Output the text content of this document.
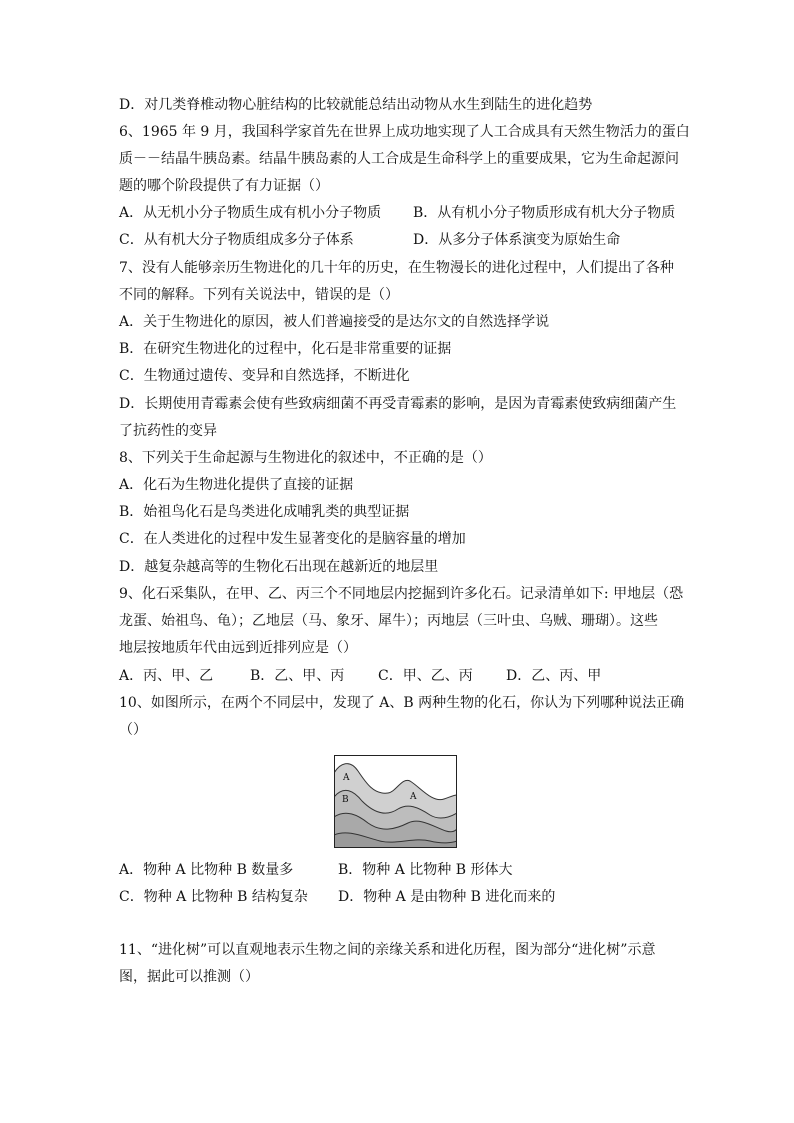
D．对几类脊椎动物心脏结构的比较就能总结出动物从水生到陆生的进化趋势
6、1965 年 9 月，我国科学家首先在世界上成功地实现了人工合成具有天然生物活力的蛋白
质－－结晶牛胰岛素。结晶牛胰岛素的人工合成是生命科学上的重要成果，它为生命起源问
题的哪个阶段提供了有力证据（）
A．从无机小分子物质生成有机小分子物质 B．从有机小分子物质形成有机大分子物质
C．从有机大分子物质组成多分子体系	D．从多分子体系演变为原始生命
7、没有人能够亲历生物进化的几十年的历史，在生物漫长的进化过程中，人们提出了各种
不同的解释。下列有关说法中，错误的是（）
A．关于生物进化的原因，被人们普遍接受的是达尔文的自然选择学说
B．在研究生物进化的过程中，化石是非常重要的证据
C．生物通过遗传、变异和自然选择，不断进化
D．长期使用青霉素会使有些致病细菌不再受青霉素的影响，是因为青霉素使致病细菌产生
了抗药性的变异
8、下列关于生命起源与生物进化的叙述中，不正确的是（）
A．化石为生物进化提供了直接的证据
B．始祖鸟化石是鸟类进化成哺乳类的典型证据
C．在人类进化的过程中发生显著变化的是脑容量的增加
D．越复杂越高等的生物化石出现在越新近的地层里
9、化石采集队，在甲、乙、丙三个不同地层内挖掘到许多化石。记录清单如下: 甲地层（恐
龙蛋、始祖鸟、龟）；乙地层（马、象牙、犀牛）；丙地层（三叶虫、乌贼、珊瑚）。这些
地层按地质年代由远到近排列应是（）
A．丙、甲、乙	B．乙、甲、丙 C．甲、乙、丙 D．乙、丙、甲
10、如图所示，在两个不同层中，发现了 A、B 两种生物的化石，你认为下列哪种说法正确
（）
A
B	A
A．物种 A 比物种 B 数量多	B．物种 A 比物种 B 形体大
C．物种 A 比物种 B 结构复杂 D．物种 A 是由物种 B 进化而来的
11、“进化树”可以直观地表示生物之间的亲缘关系和进化历程，图为部分“进化树”示意
图，据此可以推测（）
